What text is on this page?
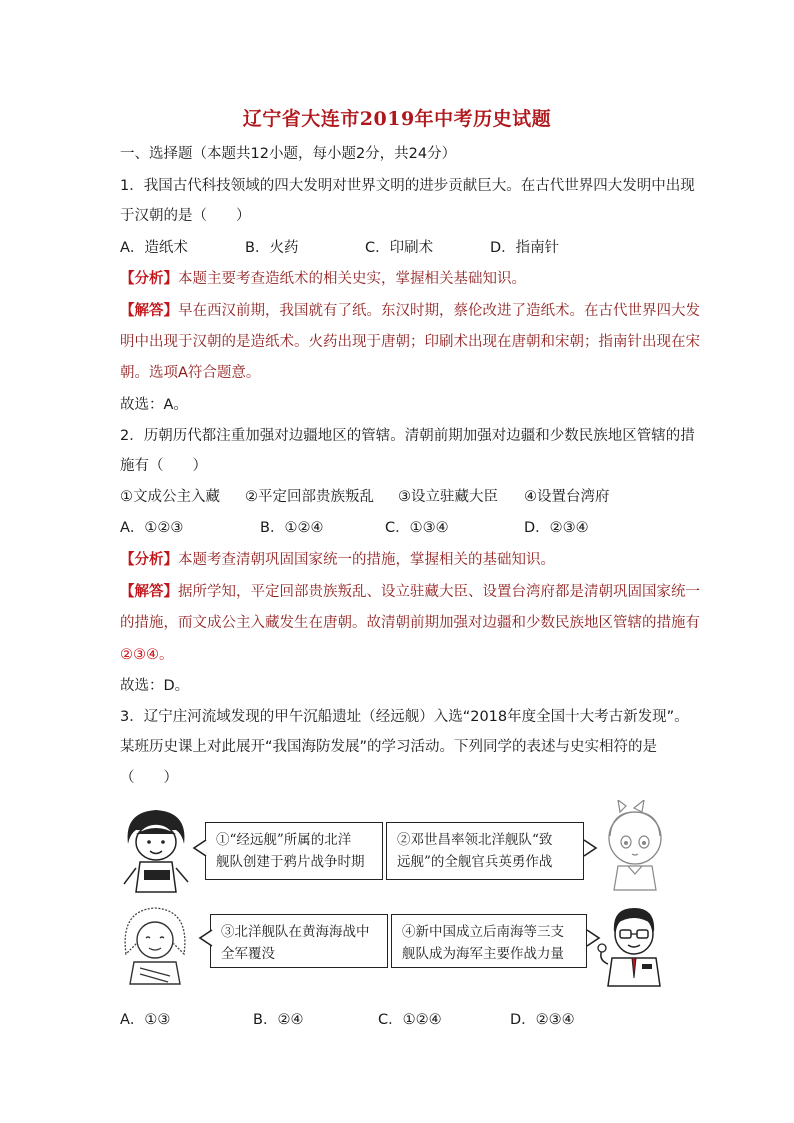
辽宁省大连市2019年中考历史试题
一、选择题（本题共12小题，每小题2分，共24分）
1．我国古代科技领域的四大发明对世界文明的进步贡献巨大。在古代世界四大发明中出现
于汉朝的是（　　）
A．造纸术	B．火药	C．印刷术	D．指南针
【分析】本题主要考查造纸术的相关史实，掌握相关基础知识。
【解答】早在西汉前期，我国就有了纸。东汉时期，蔡伦改进了造纸术。在古代世界四大发
明中出现于汉朝的是造纸术。火药出现于唐朝；印刷术出现在唐朝和宋朝；指南针出现在宋
朝。选项A符合题意。
故选：A。
2．历朝历代都注重加强对边疆地区的管辖。清朝前期加强对边疆和少数民族地区管辖的措
施有（　　）
①文成公主入藏 ②平定回部贵族叛乱 ③设立驻藏大臣 ④设置台湾府
A．①②③	B．①②④	C．①③④	D．②③④
【分析】本题考查清朝巩固国家统一的措施，掌握相关的基础知识。
【解答】据所学知，平定回部贵族叛乱、设立驻藏大臣、设置台湾府都是清朝巩固国家统一
的措施，而文成公主入藏发生在唐朝。故清朝前期加强对边疆和少数民族地区管辖的措施有
②③④。
故选：D。
3．辽宁庄河流域发现的甲午沉船遗址（经远舰）入选“2018年度全国十大考古新发现”。
某班历史课上对此展开“我国海防发展”的学习活动。下列同学的表述与史实相符的是
（　　）
①“经远舰”所属的北洋
舰队创建于鸦片战争时期
②邓世昌率领北洋舰队“致
远舰”的全舰官兵英勇作战
③北洋舰队在黄海海战中
全军覆没
④新中国成立后南海等三支
舰队成为海军主要作战力量
A．①③	B．②④	C．①②④	D．②③④
